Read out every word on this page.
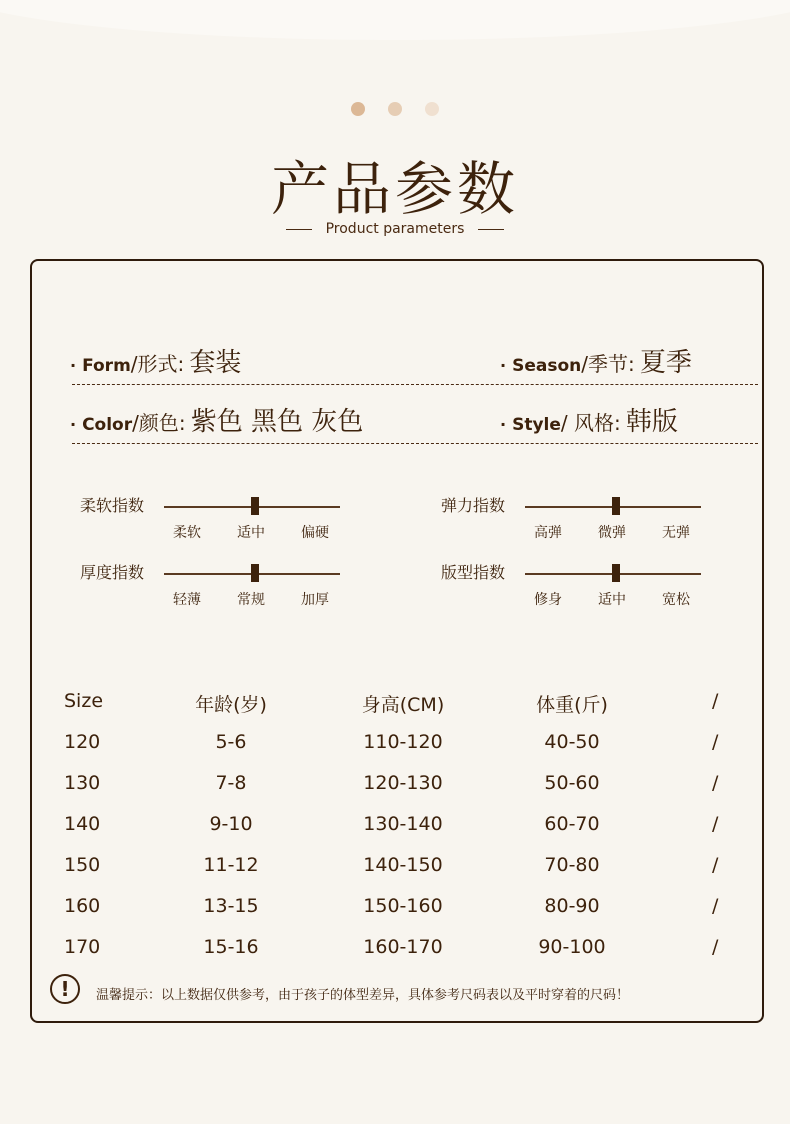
产品参数
Product parameters
· Form/形式: 套装	· Season/季节: 夏季
· Color/颜色: 紫色 黑色 灰色	· Style/ 风格: 韩版
柔软指数
柔软	适中	偏硬
弹力指数
高弹	微弹	无弹
厚度指数
轻薄	常规	加厚
版型指数
修身	适中	宽松
Size	年龄(岁)	身高(CM)	体重(斤)	/
120	5-6	110-120	40-50	/
130	7-8	120-130	50-60	/
140	9-10	130-140	60-70	/
150	11-12	140-150	70-80	/
160	13-15	150-160	80-90	/
170	15-16	160-170	90-100	/
!	温馨提示：以上数据仅供参考，由于孩子的体型差异，具体参考尺码表以及平时穿着的尺码！
